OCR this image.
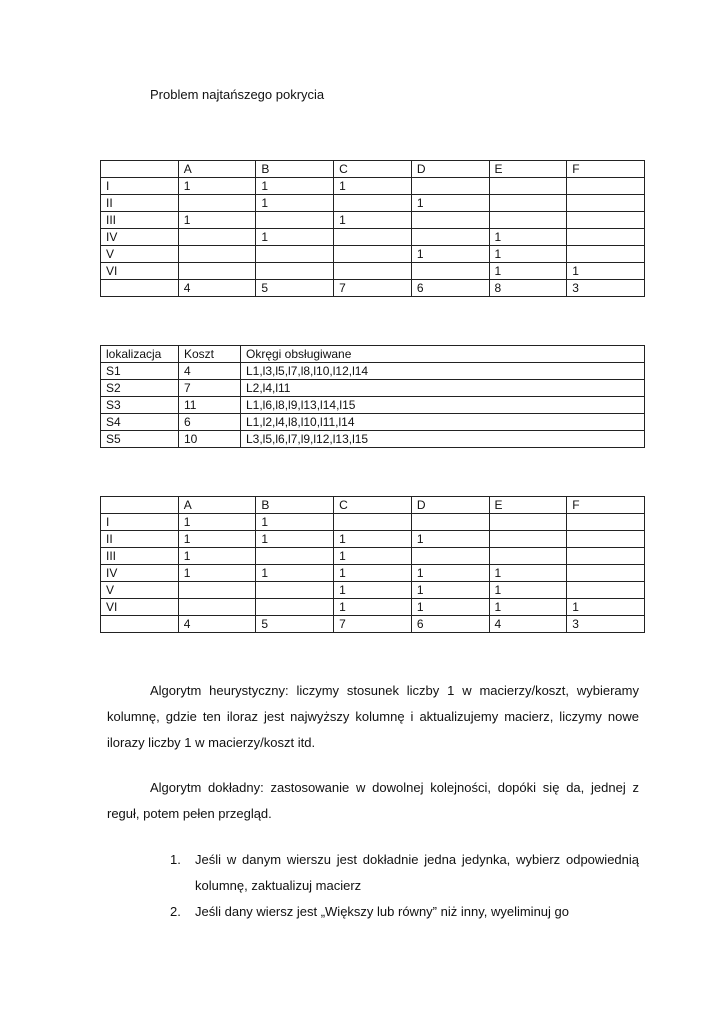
Problem najtańszego pokrycia
	A	B	C	D	E	F
I	1	1	1			
II		1		1		
III	1		1			
IV		1			1	
V				1	1	
VI					1	1
	4	5	7	6	8	3
lokalizacja	Koszt	Okręgi obsługiwane
S1	4	L1,l3,l5,l7,l8,l10,l12,l14
S2	7	L2,l4,l11
S3	11	L1,l6,l8,l9,l13,l14,l15
S4	6	L1,l2,l4,l8,l10,l11,l14
S5	10	L3,l5,l6,l7,l9,l12,l13,l15
	A	B	C	D	E	F
I	1	1				
II	1	1	1	1		
III	1		1			
IV	1	1	1	1	1	
V			1	1	1	
VI			1	1	1	1
	4	5	7	6	4	3

Algorytm heurystyczny: liczymy stosunek liczby 1 w macierzy/koszt, wybieramy kolumnę, gdzie ten iloraz jest najwyższy kolumnę i aktualizujemy macierz, liczymy nowe ilorazy liczby 1 w macierzy/koszt itd.

Algorytm dokładny: zastosowanie w dowolnej kolejności, dopóki się da, jednej z reguł, potem pełen przegląd.

1. Jeśli w danym wierszu jest dokładnie jedna jedynka, wybierz odpowiednią kolumnę, zaktualizuj macierz
2. Jeśli dany wiersz jest „Większy lub równy” niż inny, wyeliminuj go
